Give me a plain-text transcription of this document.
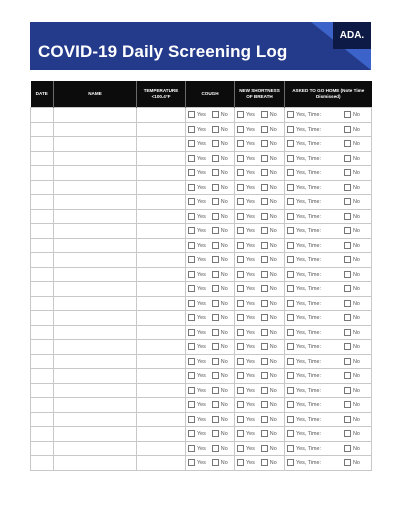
COVID-19 Daily Screening Log
ADA.
DATE	NAME	TEMPERATURE <100.4°F	COUGH	NEW SHORTNESS OF BREATH	ASKED TO GO HOME (Note Time Dismissed)
			Yes No	Yes No	Yes, Time: No
			Yes No	Yes No	Yes, Time: No
			Yes No	Yes No	Yes, Time: No
			Yes No	Yes No	Yes, Time: No
			Yes No	Yes No	Yes, Time: No
			Yes No	Yes No	Yes, Time: No
			Yes No	Yes No	Yes, Time: No
			Yes No	Yes No	Yes, Time: No
			Yes No	Yes No	Yes, Time: No
			Yes No	Yes No	Yes, Time: No
			Yes No	Yes No	Yes, Time: No
			Yes No	Yes No	Yes, Time: No
			Yes No	Yes No	Yes, Time: No
			Yes No	Yes No	Yes, Time: No
			Yes No	Yes No	Yes, Time: No
			Yes No	Yes No	Yes, Time: No
			Yes No	Yes No	Yes, Time: No
			Yes No	Yes No	Yes, Time: No
			Yes No	Yes No	Yes, Time: No
			Yes No	Yes No	Yes, Time: No
			Yes No	Yes No	Yes, Time: No
			Yes No	Yes No	Yes, Time: No
			Yes No	Yes No	Yes, Time: No
			Yes No	Yes No	Yes, Time: No
			Yes No	Yes No	Yes, Time: No
